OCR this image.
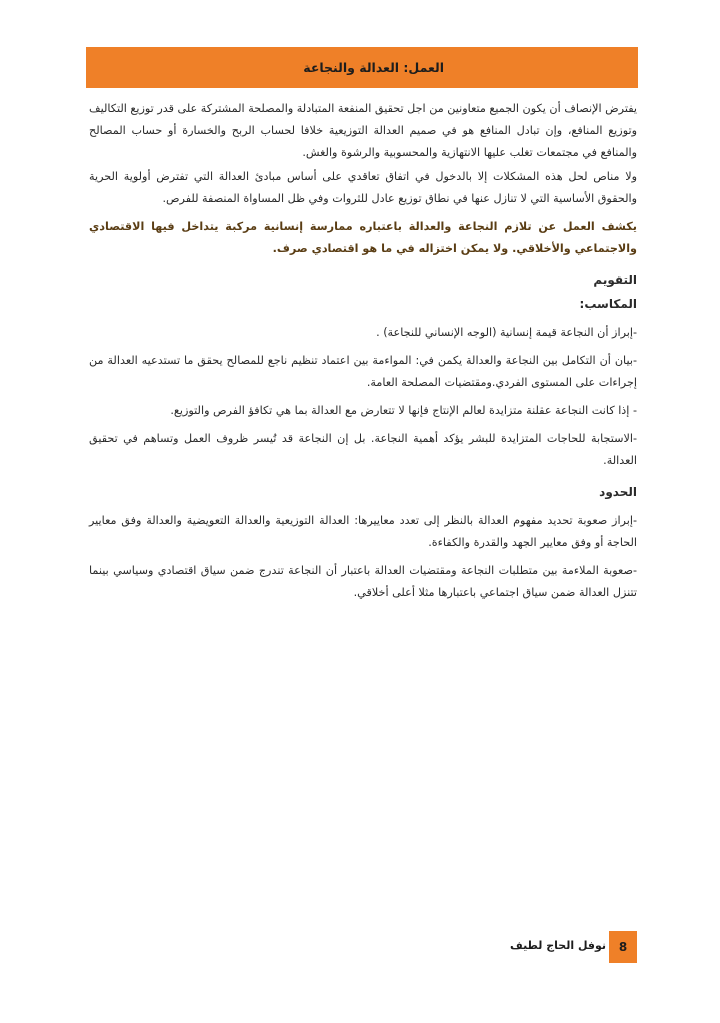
العمل: العدالة والنجاعة

يفترض الإنصاف أن يكون الجميع متعاونين من اجل تحقيق المنفعة المتبادلة والمصلحة المشتركة على قدر توزيع التكاليف وتوزيع المنافع، وإن تبادل المنافع هو في صميم العدالة التوزيعية خلافا لحساب الربح والخسارة أو حساب المصالح والمنافع في مجتمعات تغلب عليها الانتهازية والمحسوبية والرشوة والغش.

ولا مناص لحل هذه المشكلات إلا بالدخول في اتفاق تعاقدي على أساس مبادئ العدالة التي تفترض أولوية الحرية والحقوق الأساسية التي لا تنازل عنها في نطاق توزيع عادل للثروات وفي ظل المساواة المنصفة للفرص.

يكشف العمل عن تلازم النجاعة والعدالة باعتباره ممارسة إنسانية مركبة يتداخل فيها الاقتصادي والاجتماعي والأخلاقي. ولا يمكن اختزاله في ما هو اقتصادي صرف.

التقويم

المكاسب:

-إبراز أن النجاعة قيمة إنسانية (الوجه الإنساني للنجاعة) .

-بيان أن التكامل بين النجاعة والعدالة يكمن في: المواءمة بين اعتماد تنظيم ناجع للمصالح يحقق ما تستدعيه العدالة من إجراءات على المستوى الفردي.ومقتضيات المصلحة العامة.

- إذا كانت النجاعة عقلنة متزايدة لعالم الإنتاج فإنها لا تتعارض مع العدالة بما هي تكافؤ الفرص والتوزيع.

-الاستجابة للحاجات المتزايدة للبشر يؤكد أهمية النجاعة. بل إن النجاعة قد تُيسر ظروف العمل وتساهم في تحقيق العدالة.

الحدود

-إبراز صعوبة تحديد مفهوم العدالة بالنظر إلى تعدد معاييرها: العدالة التوزيعية والعدالة التعويضية والعدالة وفق معايير الحاجة أو وفق معايير الجهد والقدرة والكفاءة.

-صعوبة الملاءمة بين متطلبات النجاعة ومقتضيات العدالة باعتبار أن النجاعة تندرج ضمن سياق اقتصادي وسياسي بينما تتنزل العدالة ضمن سياق اجتماعي باعتبارها مثلا أعلى أخلاقي.

8
نوفل الحاج لطيف
